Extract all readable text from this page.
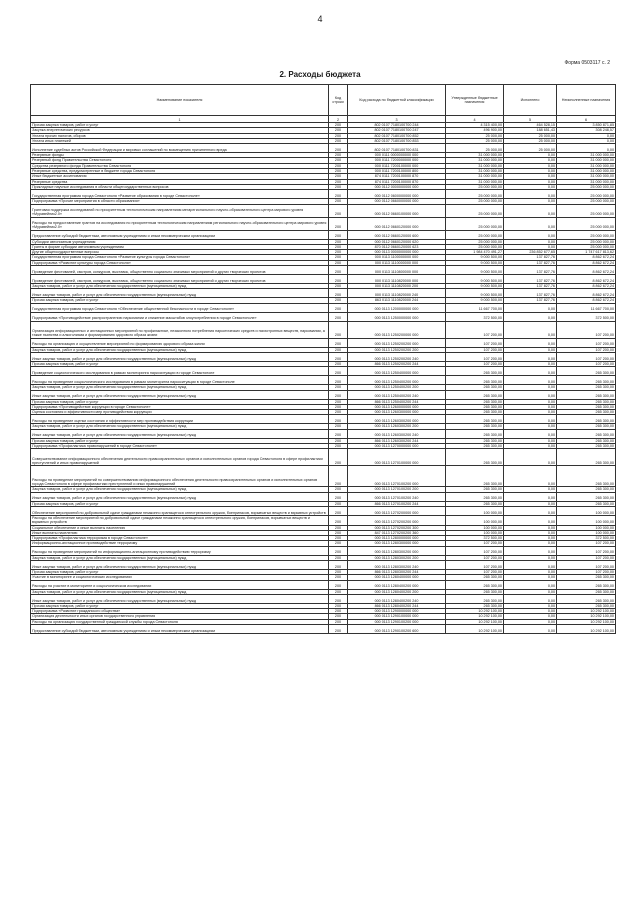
4
Форма 0503117 с. 2
2. Расходы бюджета
Наименование показателя	Код строки	Код расхода по бюджетной классификации	Утвержденные бюджетные назначения	Исполнено	Неисполненные назначения
1	2	3	4	5	6
Прочая закупка товаров, работ и услуг	200	802 0107 7180100700 244	4 315 400,00	464 528,15	3 850 871,85
Закупка энергетических ресурсов	200	802 0107 7180100700 247	496 900,00	188 651,43	308 248,57
Уплата прочих налогов, сборов	200	802 0107 7180100700 852	25 000,00	25 000,00	0,00
Уплата иных платежей	200	802 0107 7180100700 853	25 000,00	25 000,00	0,00
Исполнение судебных актов Российской Федерации и мировых соглашений по возмещению причиненного вреда	200	802 0107 7180100700 831	25 000,00	25 000,00	0,00
Резервные фонды	200	000 0111 0000000000 000	31 000 000,00	0,00	31 000 000,00
Резервный фонд Правительства Севастополя	200	000 0111 7200000000 000	31 000 000,00	0,00	31 000 000,00
Средства резервного фонда Правительства Севастополя	200	000 0111 7200100000 000	31 000 000,00	0,00	31 000 000,00
Резервные средства, предусмотренные в бюджете города Севастополя	200	000 0111 7200100000 800	31 000 000,00	0,00	31 000 000,00
Иные бюджетные ассигнования	200	874 0111 7200100000 870	31 000 000,00	0,00	31 000 000,00
Резервные средства	200	874 0111 7200100000 870	31 000 000,00	0,00	31 000 000,00
Прикладные научные исследования в области общегосударственных вопросов	200	000 0112 0000000000 000	25 000 000,00	0,00	25 000 000,00
Государственная программа города Севастополя «Развитие образования в городе Севастополе»	200	000 0112 0600000000 000	25 000 000,00	0,00	25 000 000,00
Подпрограмма «Прочие мероприятия в области образования»	200	000 0112 0660000000 000	25 000 000,00	0,00	25 000 000,00
Грантовая поддержка исследований по приоритетным технологическим направлениям мегарегионального научно-образовательного центра мирового уровня «Муравейник2.0»	200	000 0112 0660100000 000	25 000 000,00	0,00	25 000 000,00
Расходы на предоставление грантов на исследования по приоритетным технологическим направлениям регионального научно-образовательного центра мирового уровня «Муравейник2.0»	200	000 0112 0660120000 000	25 000 000,00	0,00	25 000 000,00
Предоставление субсидий бюджетным, автономным учреждениям и иным некоммерческим организациям	200	000 0112 0660120000 600	25 000 000,00	0,00	25 000 000,00
Субсидии автономным учреждениям	200	000 0112 0660120000 620	25 000 000,00	0,00	25 000 000,00
Гранты в форме субсидии автономным учреждениям	200	870 0112 0660120000 623	25 000 000,00	0,00	25 000 000,00
Другие общегосударственные вопросы	200	000 0113 0000000000 000	1 984 470 491,27	236 852 677,65	1 747 617 813,62
Государственная программа города Севастополя «Развитие культуры города Севастополя»	200	000 0113 1100000000 000	9 000 500,00	137 827,76	8 862 672,24
Подпрограмма «Развитие культуры города Севастополя»	200	000 0113 1110000000 000	9 000 500,00	137 827,76	8 862 672,24
Проведение фестивалей, смотров, конкурсов, выставок, общественно социально значимых мероприятий и других творческих проектов	200	000 0113 1110800000 000	9 000 500,00	137 827,76	8 862 672,24
Проведение фестивалей, смотров, конкурсов, выставок, общественно социально значимых мероприятий и других творческих проектов	200	000 0113 1110820000 000	9 000 500,00	137 827,76	8 862 672,24
Закупка товаров, работ и услуг для обеспечения государственных (муниципальных) нужд	200	000 0113 1110820000 200	9 000 500,00	137 827,76	8 862 672,24
Иные закупки товаров, работ и услуг для обеспечения государственных (муниципальных) нужд	200	000 0113 1110820000 240	9 000 500,00	137 827,76	8 862 672,24
Прочая закупка товаров, работ и услуг	200	863 0113 1110820000 244	9 000 500,00	137 827,76	8 862 672,24
Государственная программа города Севастополя «Обеспечение общественной безопасности в городе Севастополе»	200	000 0113 1200000000 000	11 667 700,00	0,00	11 667 700,00
Подпрограмма «Противодействие распространению наркомании и снижение масштабов злоупотребления в городе Севастополе»	200	000 0113 1250000000 000	372 500,00	0,00	372 500,00
Организация информационных и агитационных мероприятий по профилактике, незаконного потребления наркотических средств и психотропных веществ, наркомании, а также пьянства и алкоголизма и формированию здорового образа жизни	200	000 0113 1250200000 000	107 200,00	0,00	107 200,00
Расходы на организацию и осуществление мероприятий по формированию здорового образа жизни	200	000 0113 1250200200 000	107 200,00	0,00	107 200,00
Закупка товаров, работ и услуг для обеспечения государственных (муниципальных) нужд	200	000 0113 1250200200 200	107 200,00	0,00	107 200,00
Иные закупки товаров, работ и услуг для обеспечения государственных (муниципальных) нужд	200	000 0113 1250200200 240	107 200,00	0,00	107 200,00
Прочая закупка товаров, работ и услуг	200	866 0113 1250200200 244	107 200,00	0,00	107 200,00
Проведение социологического исследования в рамках мониторинга наркоситуации в городе Севастополе	200	000 0113 1250400000 000	265 300,00	0,00	265 300,00
Расходы на проведение социологического исследования в рамках мониторинга наркоситуации в городе Севастополе	200	000 0113 1250400200 000	265 300,00	0,00	265 300,00
Закупка товаров, работ и услуг для обеспечения государственных (муниципальных) нужд	200	000 0113 1250400200 200	265 300,00	0,00	265 300,00
Иные закупки товаров, работ и услуг для обеспечения государственных (муниципальных) нужд	200	000 0113 1250400200 240	265 300,00	0,00	265 300,00
Прочая закупка товаров, работ и услуг	200	866 0113 1250400200 244	265 300,00	0,00	265 300,00
Подпрограмма «Противодействие коррупции в городе Севастополе»	200	000 0113 1260000000 000	265 300,00	0,00	265 300,00
Оценка состояния и эффективности мер противодействия коррупции	200	000 0113 1260300000 000	265 300,00	0,00	265 300,00
Расходы на проведение оценки состояния и эффективности мер противодействия коррупции	200	000 0113 1260300200 000	265 300,00	0,00	265 300,00
Закупка товаров, работ и услуг для обеспечения государственных (муниципальных) нужд	200	000 0113 1260300200 200	265 300,00	0,00	265 300,00
Иные закупки товаров, работ и услуг для обеспечения государственных (муниципальных) нужд	200	000 0113 1260300200 240	265 300,00	0,00	265 300,00
Прочая закупка товаров, работ и услуг	200	866 0113 1260300200 244	265 300,00	0,00	265 300,00
Подпрограмма «Профилактика правонарушений в городе Севастополе»	200	000 0113 1270000000 000	265 300,00	0,00	265 300,00
Совершенствование информационного обеспечения деятельности правоохранительных органов и исполнительных органов города Севастополя в сфере профилактики преступлений и иных правонарушений	200	000 0113 1270100000 000	265 300,00	0,00	265 300,00
Расходы на проведение мероприятий по совершенствованию информационного обеспечения деятельности правоохранительных органов и исполнительных органов города Севастополя в сфере профилактики преступлений и иных правонарушений	200	000 0113 1270100200 000	265 300,00	0,00	265 300,00
Закупка товаров, работ и услуг для обеспечения государственных (муниципальных) нужд	200	000 0113 1270100200 200	265 300,00	0,00	265 300,00
Иные закупки товаров, работ и услуг для обеспечения государственных (муниципальных) нужд	200	000 0113 1270100200 240	265 300,00	0,00	265 300,00
Прочая закупка товаров, работ и услуг	200	866 0113 1270100200 244	265 300,00	0,00	265 300,00
Обеспечение мероприятий по добровольной сдаче гражданами незаконно хранящегося огнестрельного оружия, боеприпасов, взрывчатых веществ и взрывных устройств	200	000 0113 1270200000 000	100 000,00	0,00	100 000,00
Расходы на обеспечение мероприятий по добровольной сдаче гражданами незаконно хранящегося огнестрельного оружия, боеприпасов, взрывчатых веществ и взрывных устройств	200	000 0113 1270200200 000	100 000,00	0,00	100 000,00
Социальное обеспечение и иные выплаты населению	200	000 0113 1270200200 300	100 000,00	0,00	100 000,00
Иные выплаты населению	200	847 0113 1270200200 360	100 000,00	0,00	100 000,00
Подпрограмма «Профилактика терроризма в городе Севастополе»	200	000 0113 1280000000 000	372 500,00	0,00	372 500,00
Информационно-агитационное противодействие терроризму	200	000 0113 1280300000 000	107 200,00	0,00	107 200,00
Расходы на проведение мероприятий по информационно-агитационному противодействию терроризму	200	000 0113 1280300200 000	107 200,00	0,00	107 200,00
Закупка товаров, работ и услуг для обеспечения государственных (муниципальных) нужд	200	000 0113 1280300200 200	107 200,00	0,00	107 200,00
Иные закупки товаров, работ и услуг для обеспечения государственных (муниципальных) нужд	200	000 0113 1280300200 240	107 200,00	0,00	107 200,00
Прочая закупка товаров, работ и услуг	200	866 0113 1280300200 244	107 200,00	0,00	107 200,00
Участие в мониторинге и социологических исследованиях	200	000 0113 1280400000 000	265 300,00	0,00	265 300,00
Расходы на участие в мониторинге и социологическом исследовании	200	000 0113 1280400200 000	265 300,00	0,00	265 300,00
Закупка товаров, работ и услуг для обеспечения государственных (муниципальных) нужд	200	000 0113 1280400200 200	265 300,00	0,00	265 300,00
Иные закупки товаров, работ и услуг для обеспечения государственных (муниципальных) нужд	200	000 0113 1280400200 240	265 300,00	0,00	265 300,00
Прочая закупка товаров, работ и услуг	200	866 0113 1280400200 244	265 300,00	0,00	265 300,00
Подпрограмма «Развитие гражданского общества»	200	000 0113 1290000000 000	10 292 100,00	0,00	10 292 100,00
Организация деятельности иных органов государственного управления	200	000 0113 1290100000 000	10 292 100,00	0,00	10 292 100,00
Расходы на организацию государственной гражданской службы города Севастополя	200	000 0113 1290100200 000	10 292 100,00	0,00	10 292 100,00
Предоставление субсидий бюджетным, автономным учреждениям и иным некоммерческим организациям	200	000 0113 1290100200 600	10 292 100,00	0,00	10 292 100,00
